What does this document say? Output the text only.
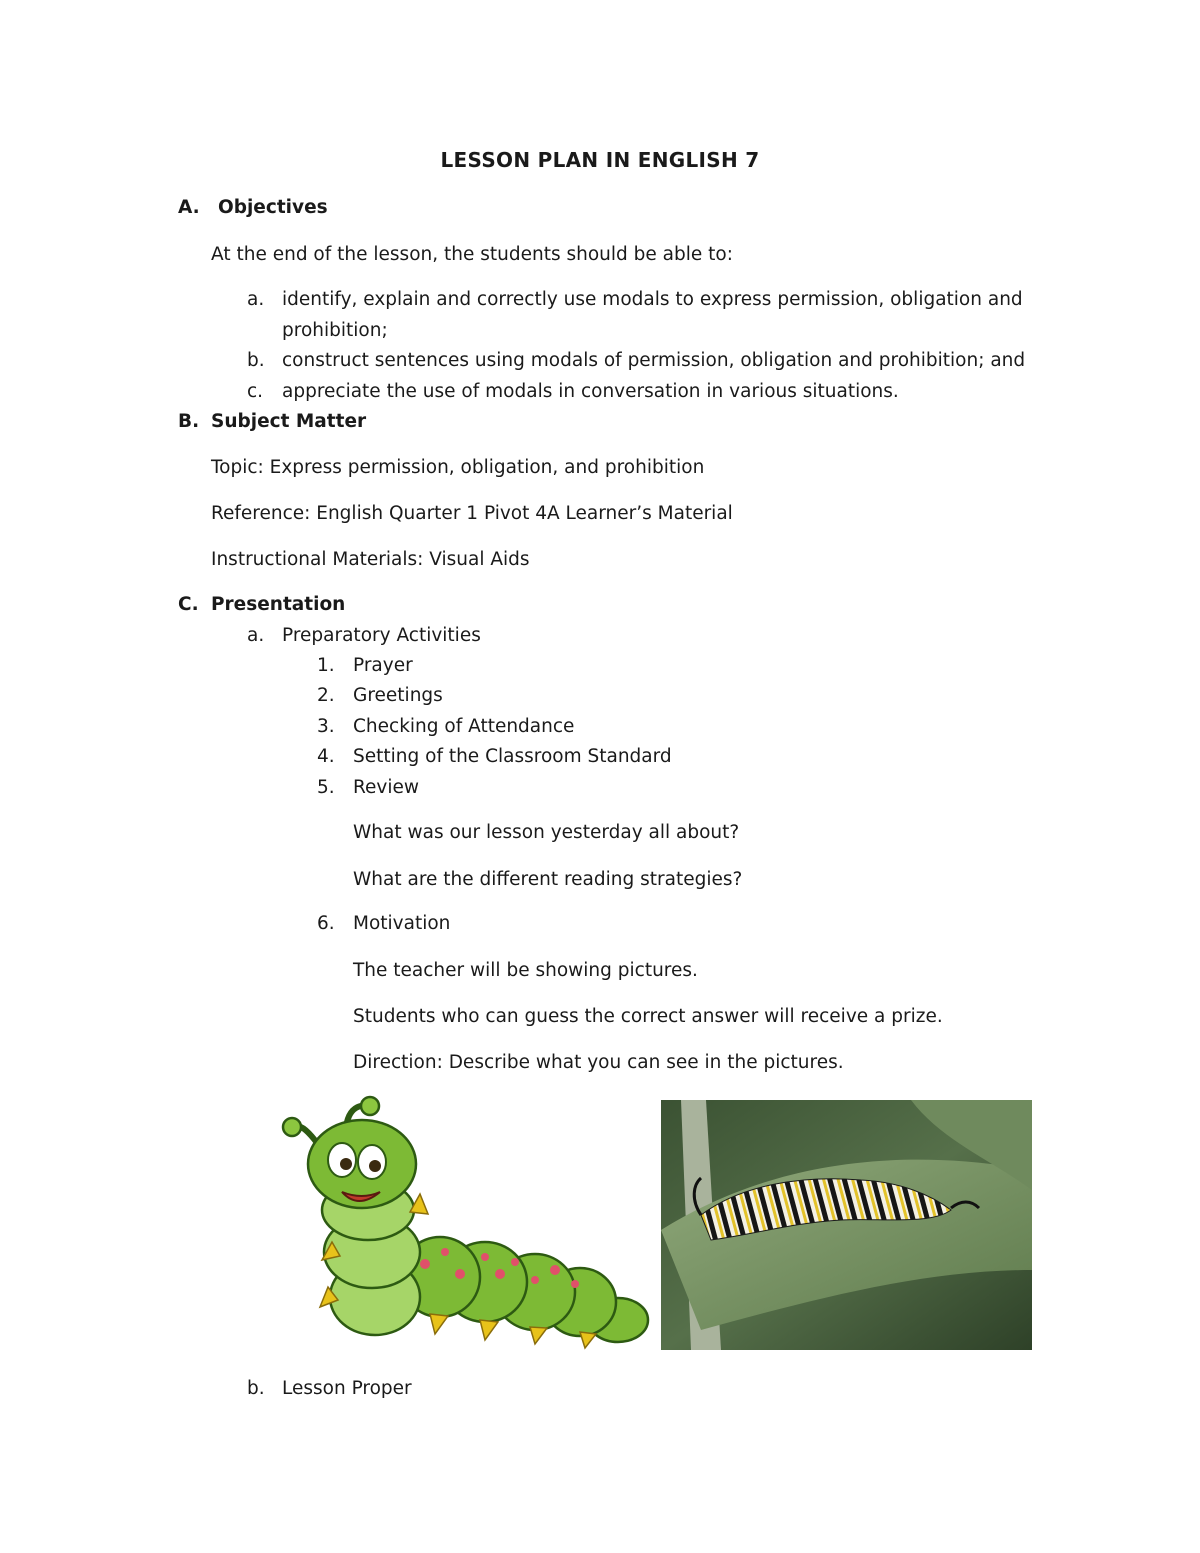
LESSON PLAN IN ENGLISH 7
A. Objectives
At the end of the lesson, the students should be able to:
a. identify, explain and correctly use modals to express permission, obligation and
prohibition;
b. construct sentences using modals of permission, obligation and prohibition; and
c. appreciate the use of modals in conversation in various situations.
B. Subject Matter
Topic: Express permission, obligation, and prohibition
Reference: English Quarter 1 Pivot 4A Learner’s Material
Instructional Materials: Visual Aids
C. Presentation
a. Preparatory Activities
1. Prayer
2. Greetings
3. Checking of Attendance
4. Setting of the Classroom Standard
5. Review
What was our lesson yesterday all about?
What are the different reading strategies?
6. Motivation
The teacher will be showing pictures.
Students who can guess the correct answer will receive a prize.
Direction: Describe what you can see in the pictures.
b. Lesson Proper
